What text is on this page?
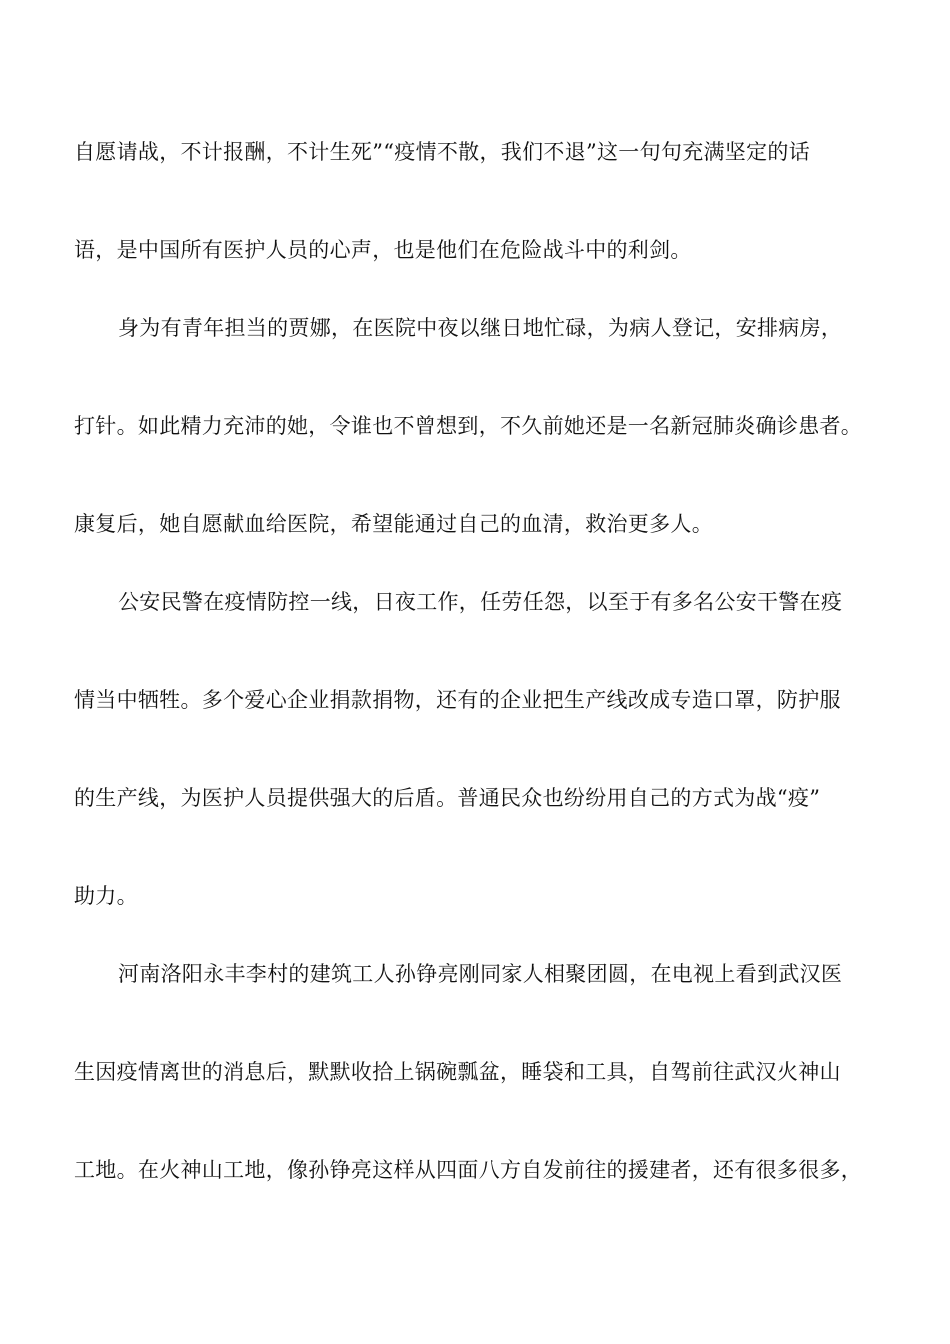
自愿请战，不计报酬，不计生死”“疫情不散，我们不退”这一句句充满坚定的话
语，是中国所有医护人员的心声，也是他们在危险战斗中的利剑。
身为有青年担当的贾娜，在医院中夜以继日地忙碌，为病人登记，安排病房，
打针。如此精力充沛的她，令谁也不曾想到，不久前她还是一名新冠肺炎确诊患者。
康复后，她自愿献血给医院，希望能通过自己的血清，救治更多人。
公安民警在疫情防控一线，日夜工作，任劳任怨，以至于有多名公安干警在疫
情当中牺牲。多个爱心企业捐款捐物，还有的企业把生产线改成专造口罩，防护服
的生产线，为医护人员提供强大的后盾。普通民众也纷纷用自己的方式为战“疫”
助力。
河南洛阳永丰李村的建筑工人孙铮亮刚同家人相聚团圆，在电视上看到武汉医
生因疫情离世的消息后，默默收拾上锅碗瓢盆，睡袋和工具，自驾前往武汉火神山
工地。在火神山工地，像孙铮亮这样从四面八方自发前往的援建者，还有很多很多，
